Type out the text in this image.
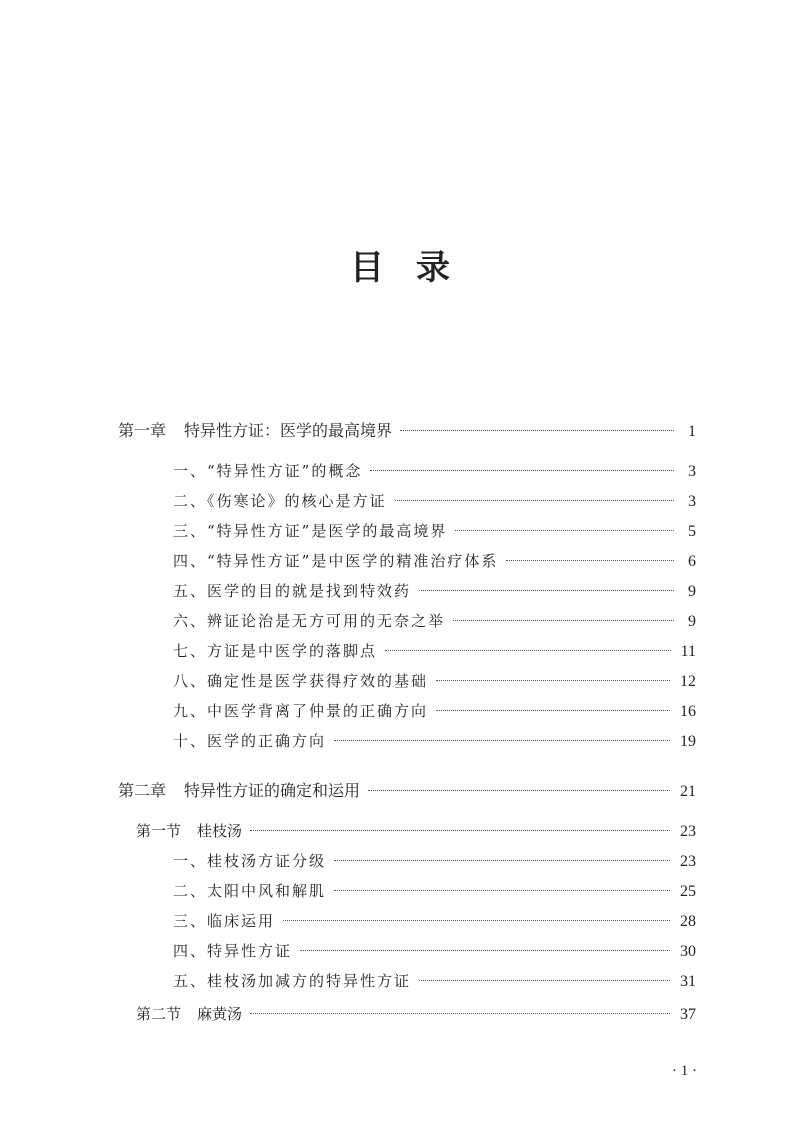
目录
第一章 特异性方证：医学的最高境界	1
一、“特异性方证”的概念	3
二、《伤寒论》的核心是方证	3
三、“特异性方证”是医学的最高境界	5
四、“特异性方证”是中医学的精准治疗体系	6
五、医学的目的就是找到特效药	9
六、辨证论治是无方可用的无奈之举	9
七、方证是中医学的落脚点	11
八、确定性是医学获得疗效的基础	12
九、中医学背离了仲景的正确方向	16
十、医学的正确方向	19
第二章 特异性方证的确定和运用	21
第一节 桂枝汤	23
一、桂枝汤方证分级	23
二、太阳中风和解肌	25
三、临床运用	28
四、特异性方证	30
五、桂枝汤加减方的特异性方证	31
第二节 麻黄汤	37
· 1 ·
